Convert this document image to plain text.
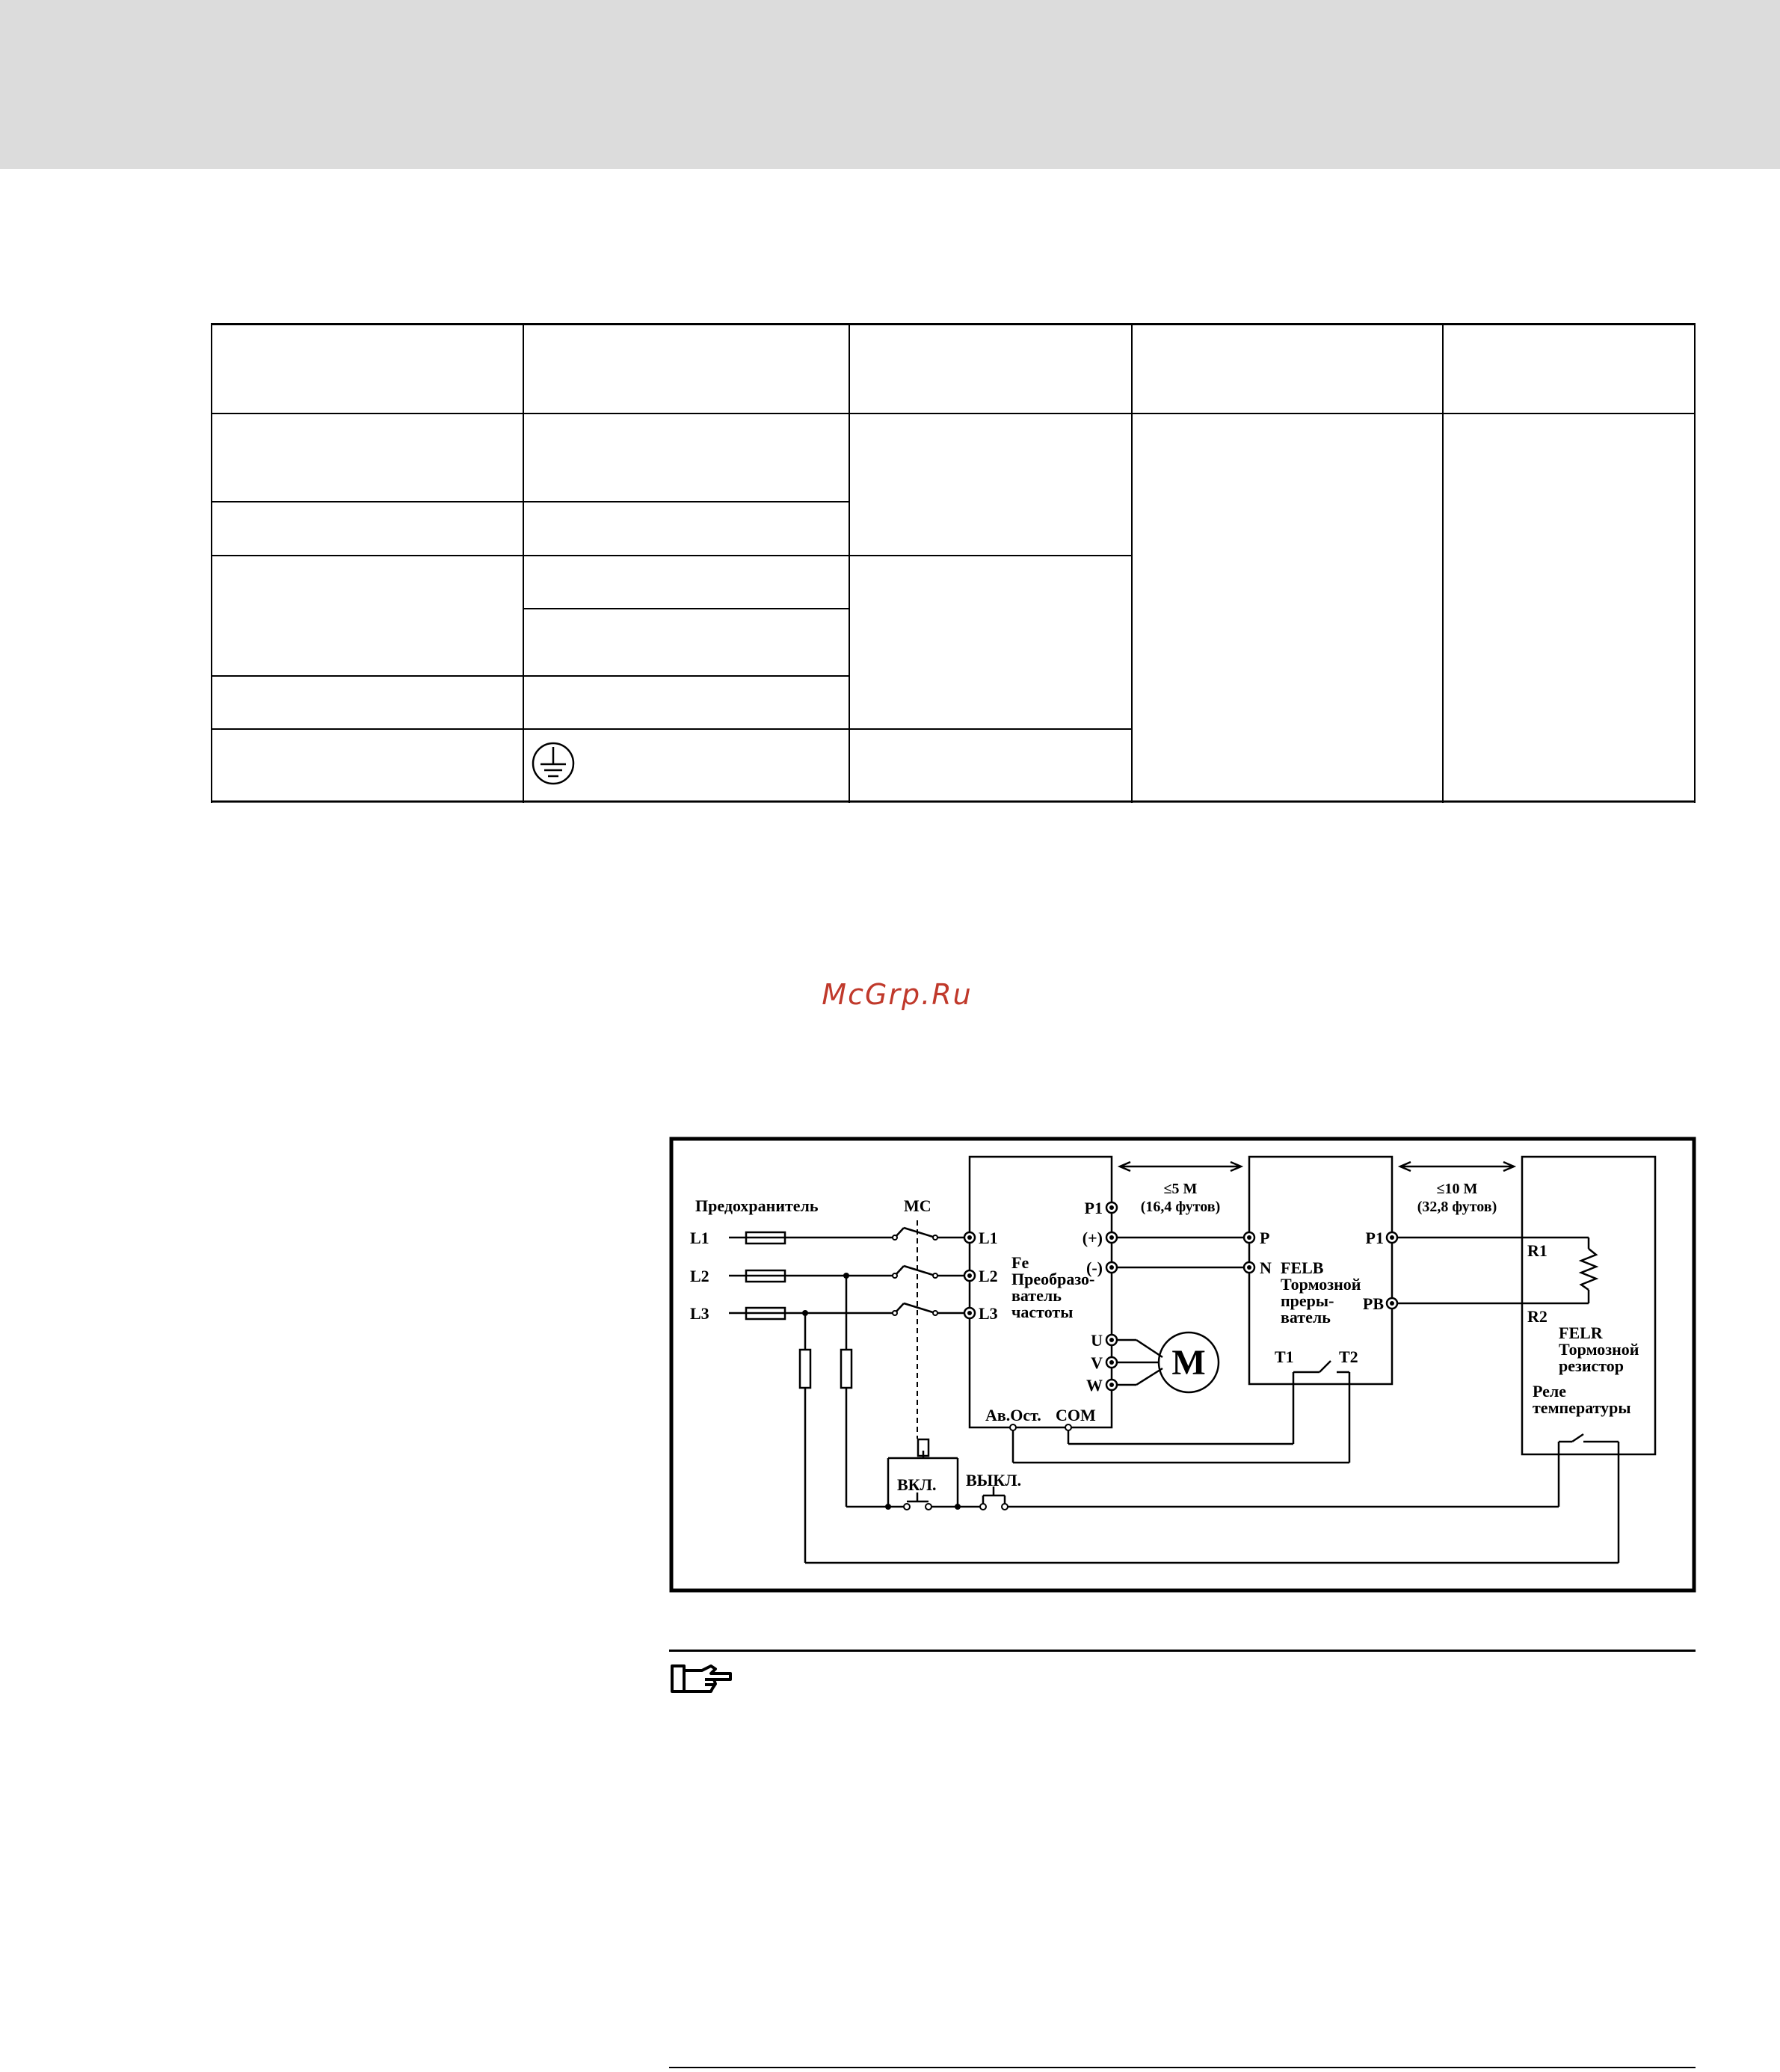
McGrp.Ru
Предохранитель	MC
L1
L2
L3
L1
L2
L3
Fe
Преобразо-
ватель
частоты
P1
(+)
(-)
U
V
W
Ав.Ост. COM
M
≤5 M
(16,4 футов)
≤10 M
(32,8 футов)
P
N FELB
Тормозной
преры-
ватель
P1
PB
T1	T2
R1
R2
FELR
Тормозной
резистор
Реле
температуры
ВКЛ. ВЫКЛ.
